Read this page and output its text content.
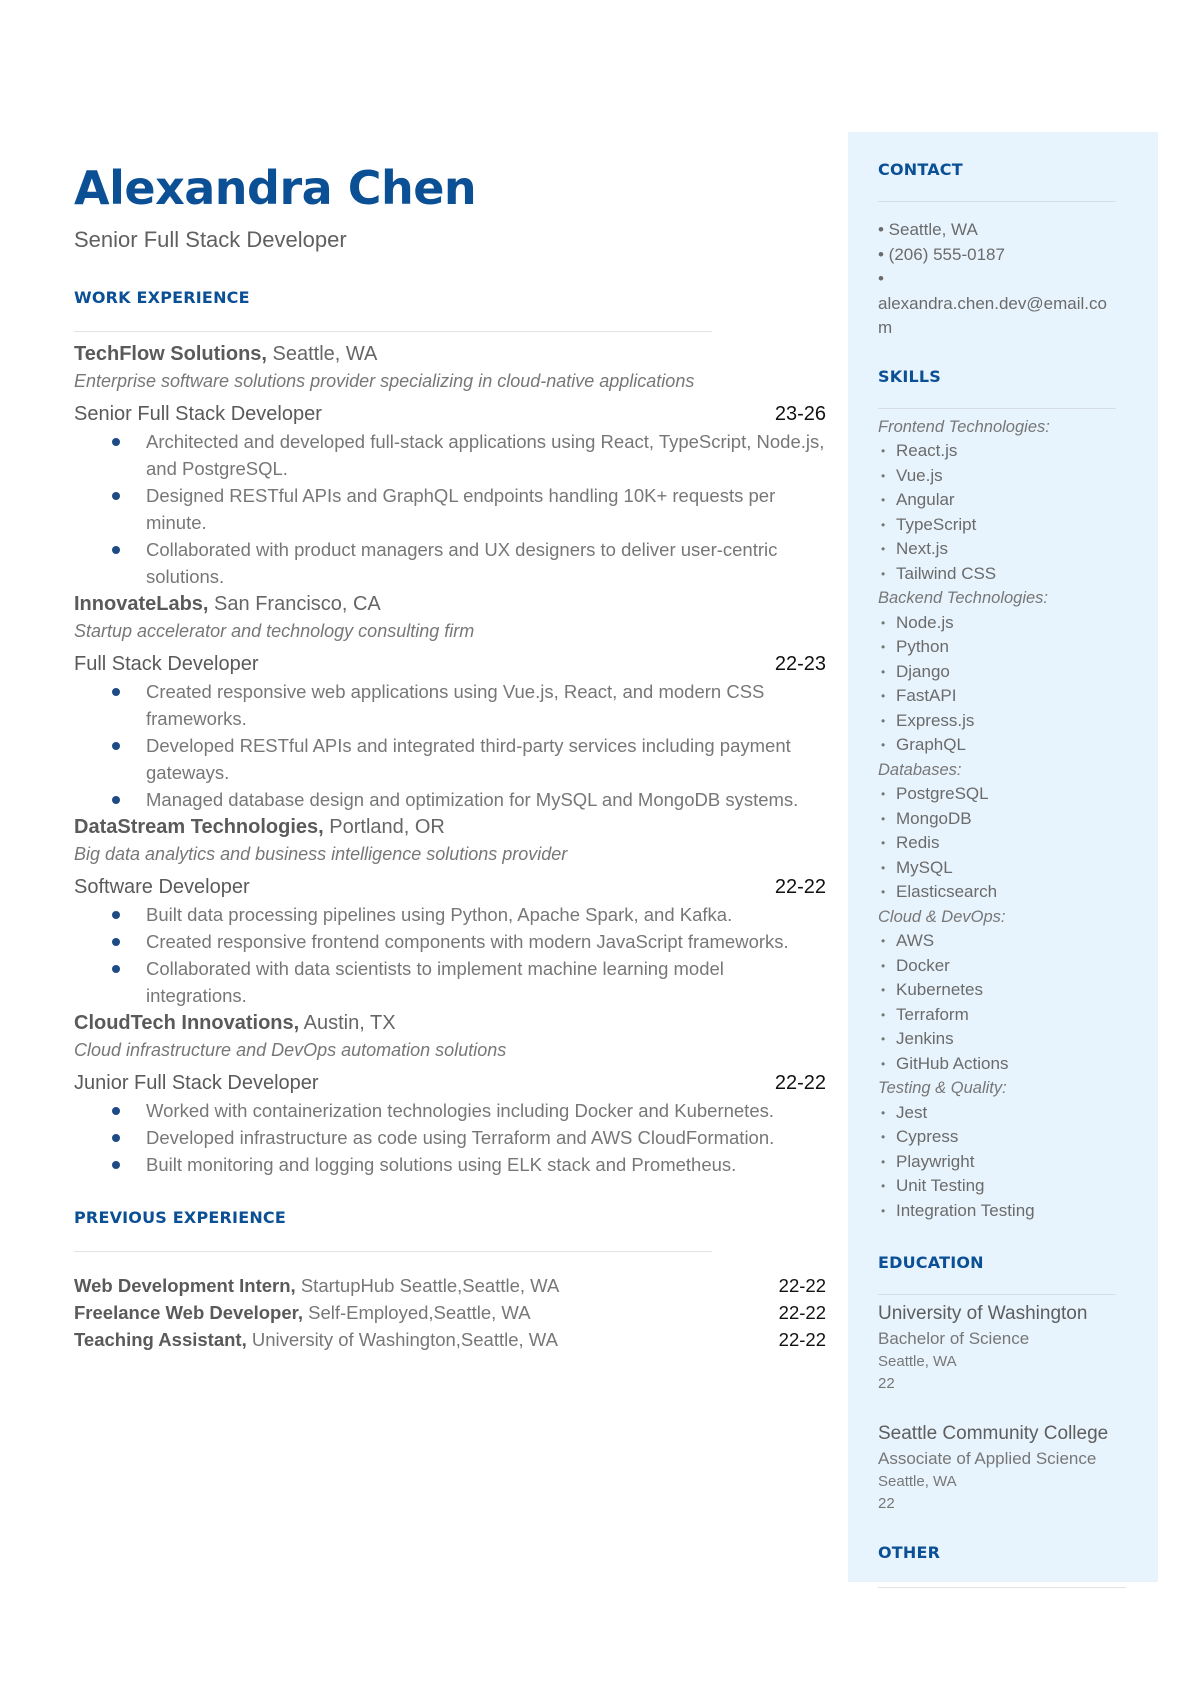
Alexandra Chen
Senior Full Stack Developer
WORK EXPERIENCE
TechFlow Solutions, Seattle, WA
Enterprise software solutions provider specializing in cloud-native applications
Senior Full Stack Developer	23-26
Architected and developed full-stack applications using React, TypeScript, Node.js, and PostgreSQL.
Designed RESTful APIs and GraphQL endpoints handling 10K+ requests per minute.
Collaborated with product managers and UX designers to deliver user-centric solutions.
InnovateLabs, San Francisco, CA
Startup accelerator and technology consulting firm
Full Stack Developer	22-23
Created responsive web applications using Vue.js, React, and modern CSS frameworks.
Developed RESTful APIs and integrated third-party services including payment gateways.
Managed database design and optimization for MySQL and MongoDB systems.
DataStream Technologies, Portland, OR
Big data analytics and business intelligence solutions provider
Software Developer	22-22
Built data processing pipelines using Python, Apache Spark, and Kafka.
Created responsive frontend components with modern JavaScript frameworks.
Collaborated with data scientists to implement machine learning model integrations.
CloudTech Innovations, Austin, TX
Cloud infrastructure and DevOps automation solutions
Junior Full Stack Developer	22-22
Worked with containerization technologies including Docker and Kubernetes.
Developed infrastructure as code using Terraform and AWS CloudFormation.
Built monitoring and logging solutions using ELK stack and Prometheus.
PREVIOUS EXPERIENCE
Web Development Intern, StartupHub Seattle,Seattle, WA	22-22
Freelance Web Developer, Self-Employed,Seattle, WA	22-22
Teaching Assistant, University of Washington,Seattle, WA	22-22
CONTACT
• Seattle, WA
• (206) 555-0187
•
alexandra.chen.dev@email.com
SKILLS
Frontend Technologies:
• React.js
• Vue.js
• Angular
• TypeScript
• Next.js
• Tailwind CSS
Backend Technologies:
• Node.js
• Python
• Django
• FastAPI
• Express.js
• GraphQL
Databases:
• PostgreSQL
• MongoDB
• Redis
• MySQL
• Elasticsearch
Cloud & DevOps:
• AWS
• Docker
• Kubernetes
• Terraform
• Jenkins
• GitHub Actions
Testing & Quality:
• Jest
• Cypress
• Playwright
• Unit Testing
• Integration Testing
EDUCATION
University of Washington
Bachelor of Science
Seattle, WA
22
Seattle Community College
Associate of Applied Science
Seattle, WA
22
OTHER
